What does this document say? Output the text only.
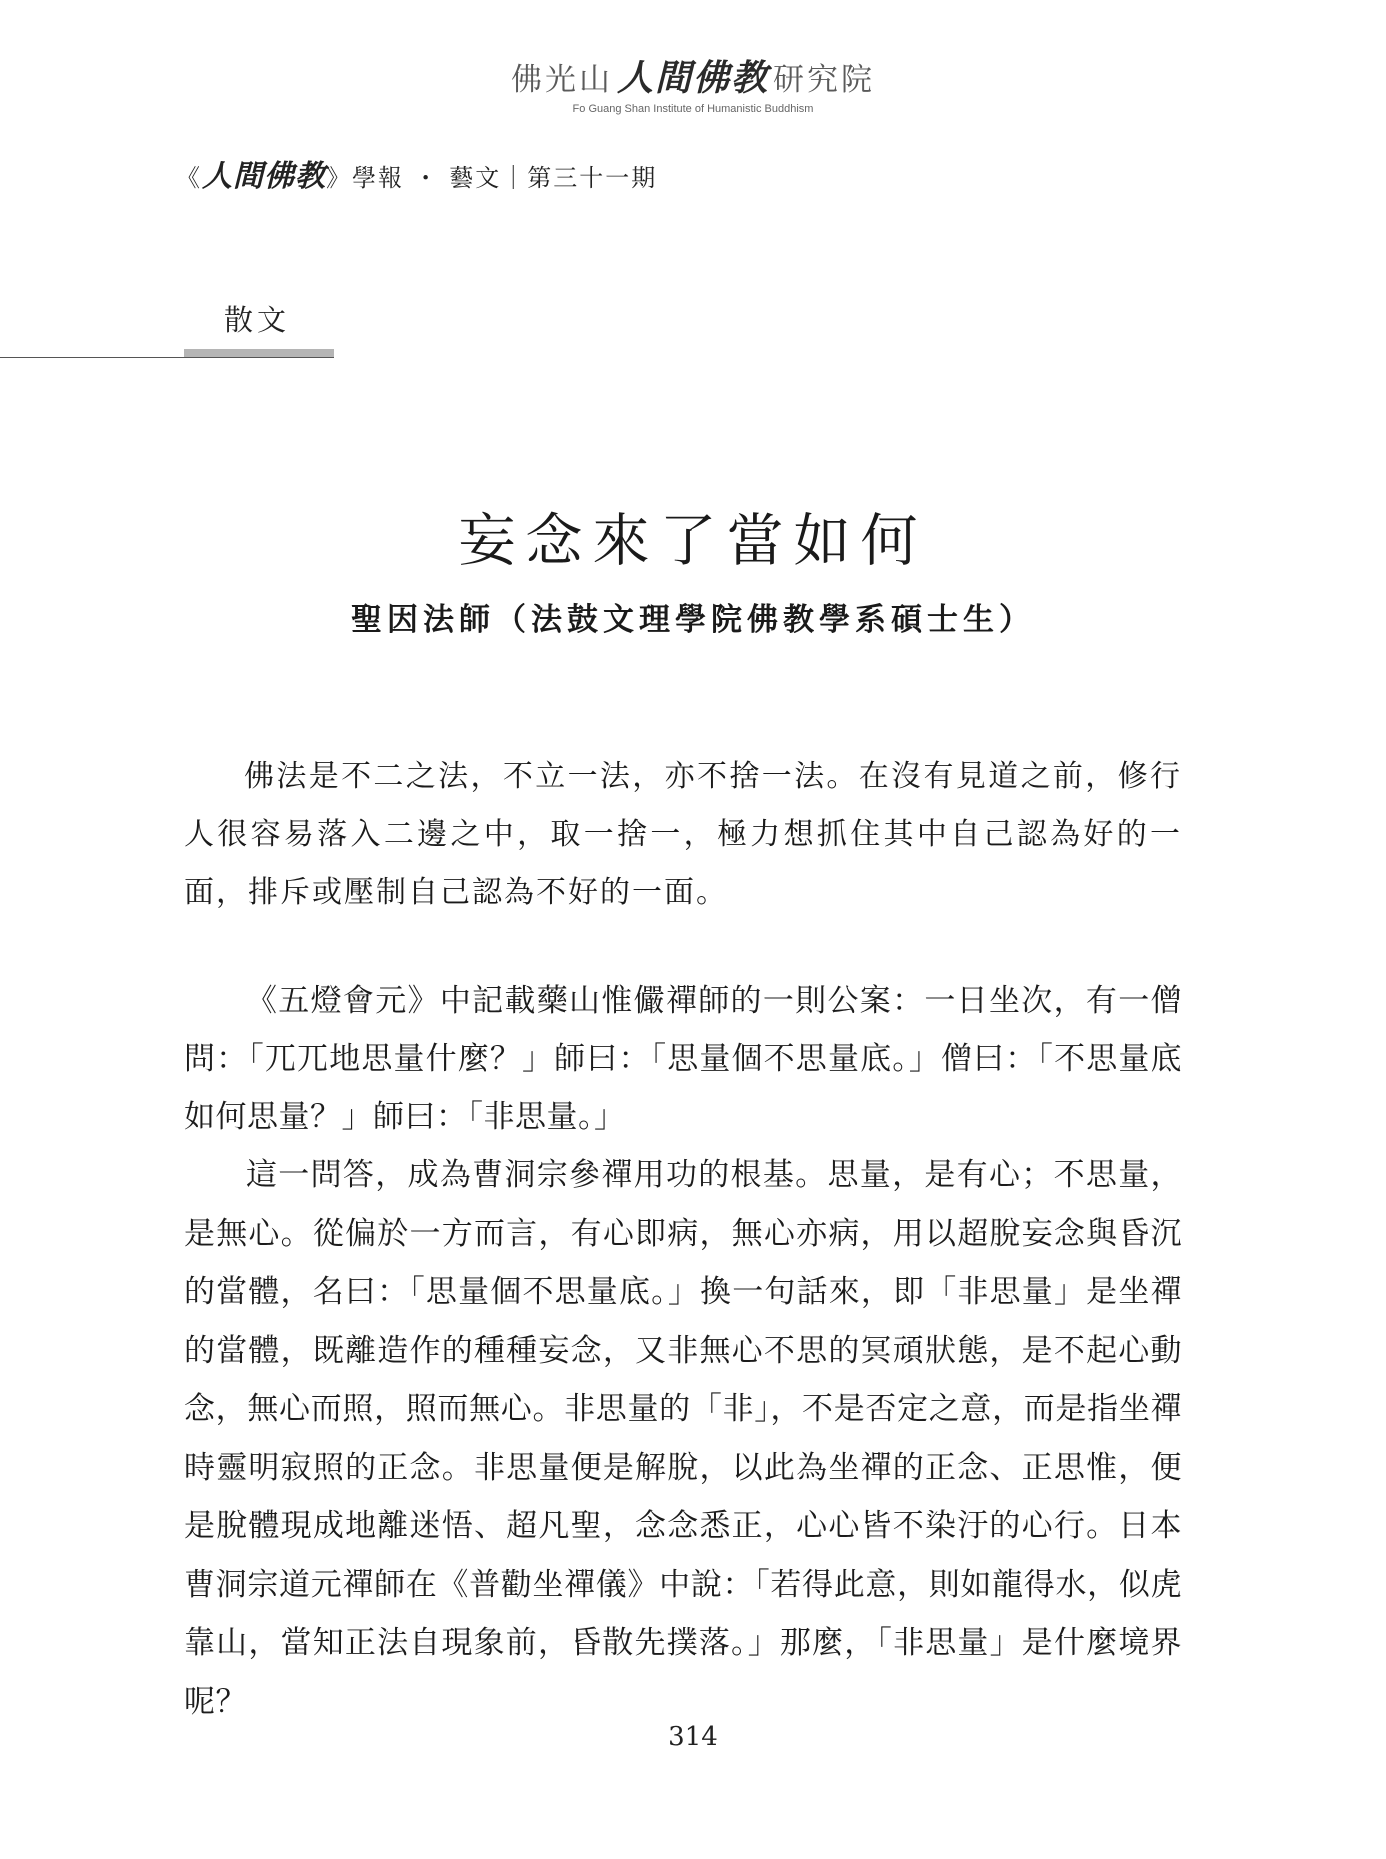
佛光山 人間佛教 研究院
Fo Guang Shan Institute of Humanistic Buddhism
《人間佛教》學報 ・ 藝文｜第三十一期
散文
妄念來了當如何
聖因法師（法鼓文理學院佛教學系碩士生）

佛法是不二之法，不立一法，亦不捨一法。在沒有見道之前，修行人很容易落入二邊之中，取一捨一，極力想抓住其中自己認為好的一面，排斥或壓制自己認為不好的一面。

《五燈會元》中記載藥山惟儼禪師的一則公案：一日坐次，有一僧問：「兀兀地思量什麼？」師曰：「思量個不思量底。」僧曰：「不思量底如何思量？」師曰：「非思量。」

這一問答，成為曹洞宗參禪用功的根基。思量，是有心；不思量，是無心。從偏於一方而言，有心即病，無心亦病，用以超脫妄念與昏沉的當體，名曰：「思量個不思量底。」換一句話來，即「非思量」是坐禪的當體，既離造作的種種妄念，又非無心不思的冥頑狀態，是不起心動念，無心而照，照而無心。非思量的「非」，不是否定之意，而是指坐禪時靈明寂照的正念。非思量便是解脫，以此為坐禪的正念、正思惟，便是脫體現成地離迷悟、超凡聖，念念悉正，心心皆不染汙的心行。日本曹洞宗道元禪師在《普勸坐禪儀》中說：「若得此意，則如龍得水，似虎靠山，當知正法自現象前，昏散先撲落。」那麼，「非思量」是什麼境界呢？

314
